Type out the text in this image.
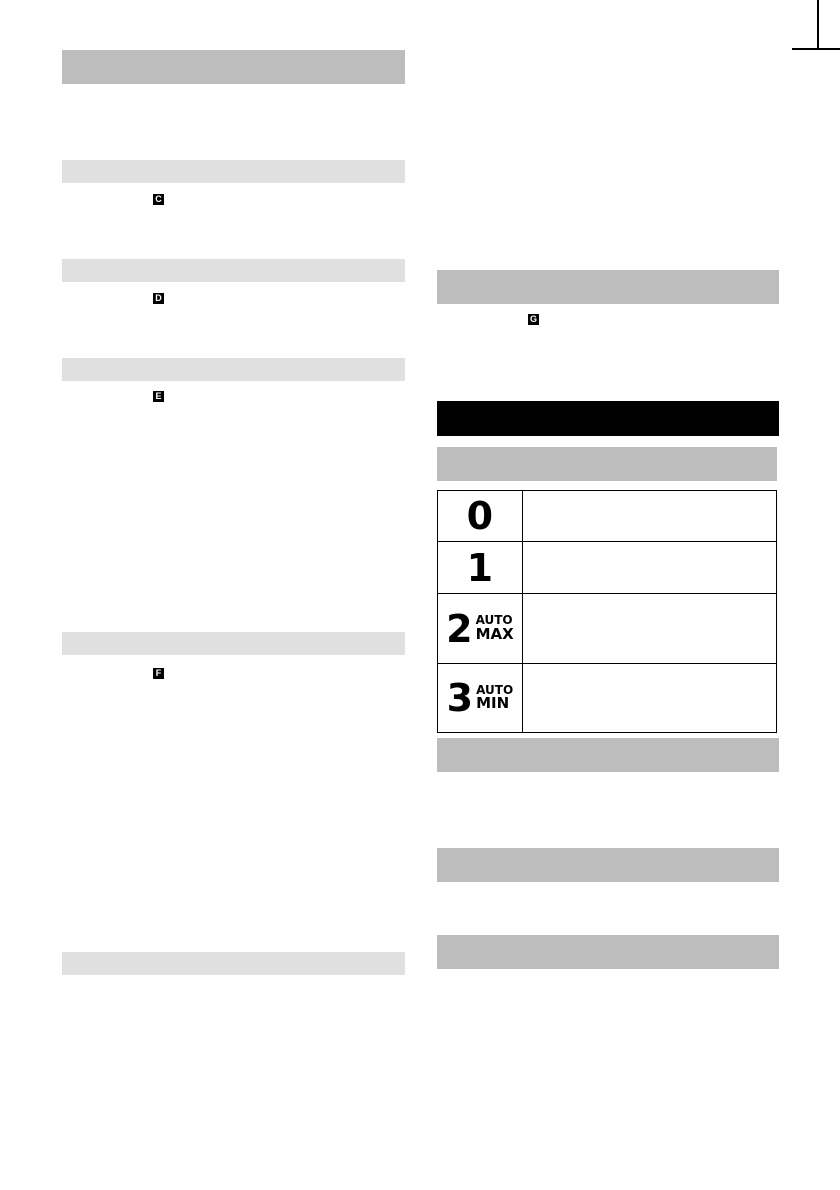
C
D
E
F
G
0	

1	

2 AUTO
MAX	

3 AUTO
MIN	
